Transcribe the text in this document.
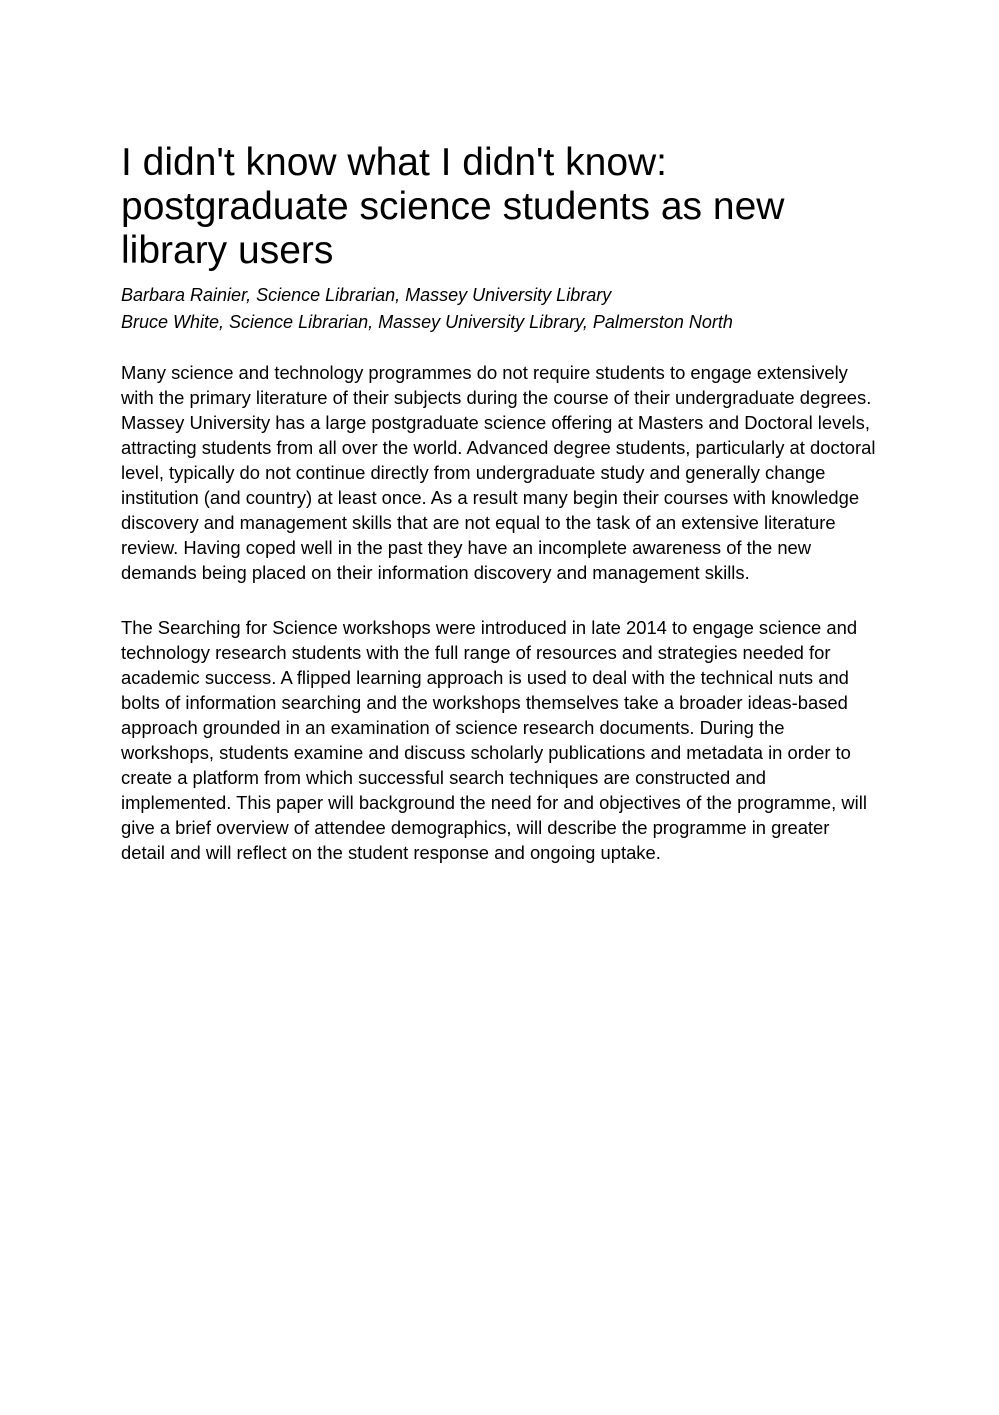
I didn't know what I didn't know: postgraduate science students as new library users

Barbara Rainier, Science Librarian, Massey University Library

Bruce White, Science Librarian, Massey University Library, Palmerston North

Many science and technology programmes do not require students to engage extensively with the primary literature of their subjects during the course of their undergraduate degrees. Massey University has a large postgraduate science offering at Masters and Doctoral levels, attracting students from all over the world. Advanced degree students, particularly at doctoral level, typically do not continue directly from undergraduate study and generally change institution (and country) at least once. As a result many begin their courses with knowledge discovery and management skills that are not equal to the task of an extensive literature review. Having coped well in the past they have an incomplete awareness of the new demands being placed on their information discovery and management skills.

The Searching for Science workshops were introduced in late 2014 to engage science and technology research students with the full range of resources and strategies needed for academic success. A flipped learning approach is used to deal with the technical nuts and bolts of information searching and the workshops themselves take a broader ideas-based approach grounded in an examination of science research documents. During the workshops, students examine and discuss scholarly publications and metadata in order to create a platform from which successful search techniques are constructed and implemented. This paper will background the need for and objectives of the programme, will give a brief overview of attendee demographics, will describe the programme in greater detail and will reflect on the student response and ongoing uptake.
